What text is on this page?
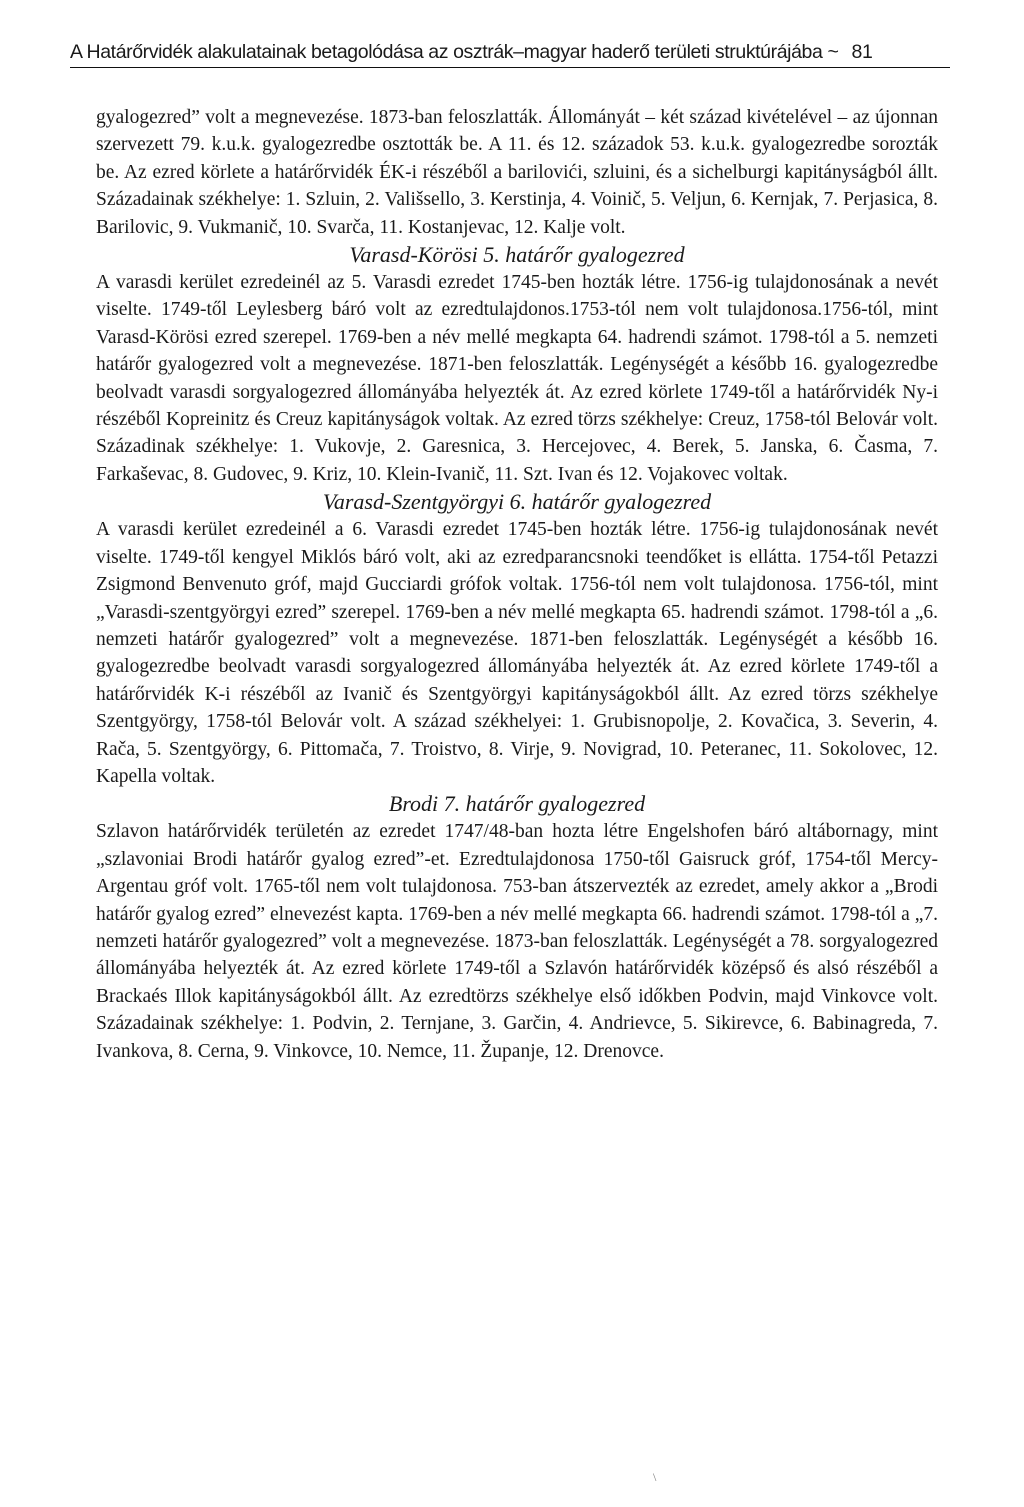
A Határőrvidék alakulatainak betagolódása az osztrák–magyar haderő területi struktúrájába ~ 81

gyalogezred” volt a megnevezése. 1873-ban feloszlatták. Állományát – két század kivételével – az újonnan szervezett 79. k.u.k. gyalogezredbe osztották be. A 11. és 12. századok 53. k.u.k. gyalogezredbe sorozták be. Az ezred körlete a határőrvidék ÉK-i részéből a barilovići, szluini, és a sichelburgi kapitányságból állt. Századainak székhelye: 1. Szluin, 2. Vališsello, 3. Kerstinja, 4. Voinič, 5. Veljun, 6. Kernjak, 7. Perjasica, 8. Barilovic, 9. Vukmanič, 10. Svarča, 11. Kostanjevac, 12. Kalje volt.

Varasd-Körösi 5. határőr gyalogezred

A varasdi kerület ezredeinél az 5. Varasdi ezredet 1745-ben hozták létre. 1756-ig tulajdonosának a nevét viselte. 1749-től Leylesberg báró volt az ezredtulajdonos.1753-tól nem volt tulajdonosa.1756-tól, mint Varasd-Körösi ezred szerepel. 1769-ben a név mellé megkapta 64. hadrendi számot. 1798-tól a 5. nemzeti határőr gyalogezred volt a megnevezése. 1871-ben feloszlatták. Legénységét a később 16. gyalogezredbe beolvadt varasdi sorgyalogezred állományába helyezték át. Az ezred körlete 1749-től a határőrvidék Ny-i részéből Kopreinitz és Creuz kapitányságok voltak. Az ezred törzs székhelye: Creuz, 1758-tól Belovár volt. Századinak székhelye: 1. Vukovje, 2. Garesnica, 3. Hercejovec, 4. Berek, 5. Janska, 6. Časma, 7. Farkaševac, 8. Gudovec, 9. Kriz, 10. Klein-Ivanič, 11. Szt. Ivan és 12. Vojakovec voltak.

Varasd-Szentgyörgyi 6. határőr gyalogezred

A varasdi kerület ezredeinél a 6. Varasdi ezredet 1745-ben hozták létre. 1756-ig tulajdonosának nevét viselte. 1749-től kengyel Miklós báró volt, aki az ezredparancsnoki teendőket is ellátta. 1754-től Petazzi Zsigmond Benvenuto gróf, majd Gucciardi grófok voltak. 1756-tól nem volt tulajdonosa. 1756-tól, mint „Varasdi-szentgyörgyi ezred” szerepel. 1769-ben a név mellé megkapta 65. hadrendi számot. 1798-tól a „6. nemzeti határőr gyalogezred” volt a megnevezése. 1871-ben feloszlatták. Legénységét a később 16. gyalogezredbe beolvadt varasdi sorgyalogezred állományába helyezték át. Az ezred körlete 1749-től a határőrvidék K-i részéből az Ivanič és Szentgyörgyi kapitányságokból állt. Az ezred törzs székhelye Szentgyörgy, 1758-tól Belovár volt. A század székhelyei: 1. Grubisnopolje, 2. Kovačica, 3. Severin, 4. Rača, 5. Szentgyörgy, 6. Pittomača, 7. Troistvo, 8. Virje, 9. Novigrad, 10. Peteranec, 11. Sokolovec, 12. Kapella voltak.

Brodi 7. határőr gyalogezred

Szlavon határőrvidék területén az ezredet 1747/48-ban hozta létre Engelshofen báró altábornagy, mint „szlavoniai Brodi határőr gyalog ezred”-et. Ezredtulajdonosa 1750-től Gaisruck gróf, 1754-től Mercy-Argentau gróf volt. 1765-től nem volt tulajdonosa. 753-ban átszervezték az ezredet, amely akkor a „Brodi határőr gyalog ezred” elnevezést kapta. 1769-ben a név mellé megkapta 66. hadrendi számot. 1798-tól a „7. nemzeti határőr gyalogezred” volt a megnevezése. 1873-ban feloszlatták. Legénységét a 78. sorgyalogezred állományába helyezték át. Az ezred körlete 1749-től a Szlavón határőrvidék középső és alsó részéből a Brackaés Illok kapitányságokból állt. Az ezredtörzs székhelye első időkben Podvin, majd Vinkovce volt. Századainak székhelye: 1. Podvin, 2. Ternjane, 3. Garčin, 4. Andrievce, 5. Sikirevce, 6. Babinagreda, 7. Ivankova, 8. Cerna, 9. Vinkovce, 10. Nemce, 11. Županje, 12. Drenovce.

\
